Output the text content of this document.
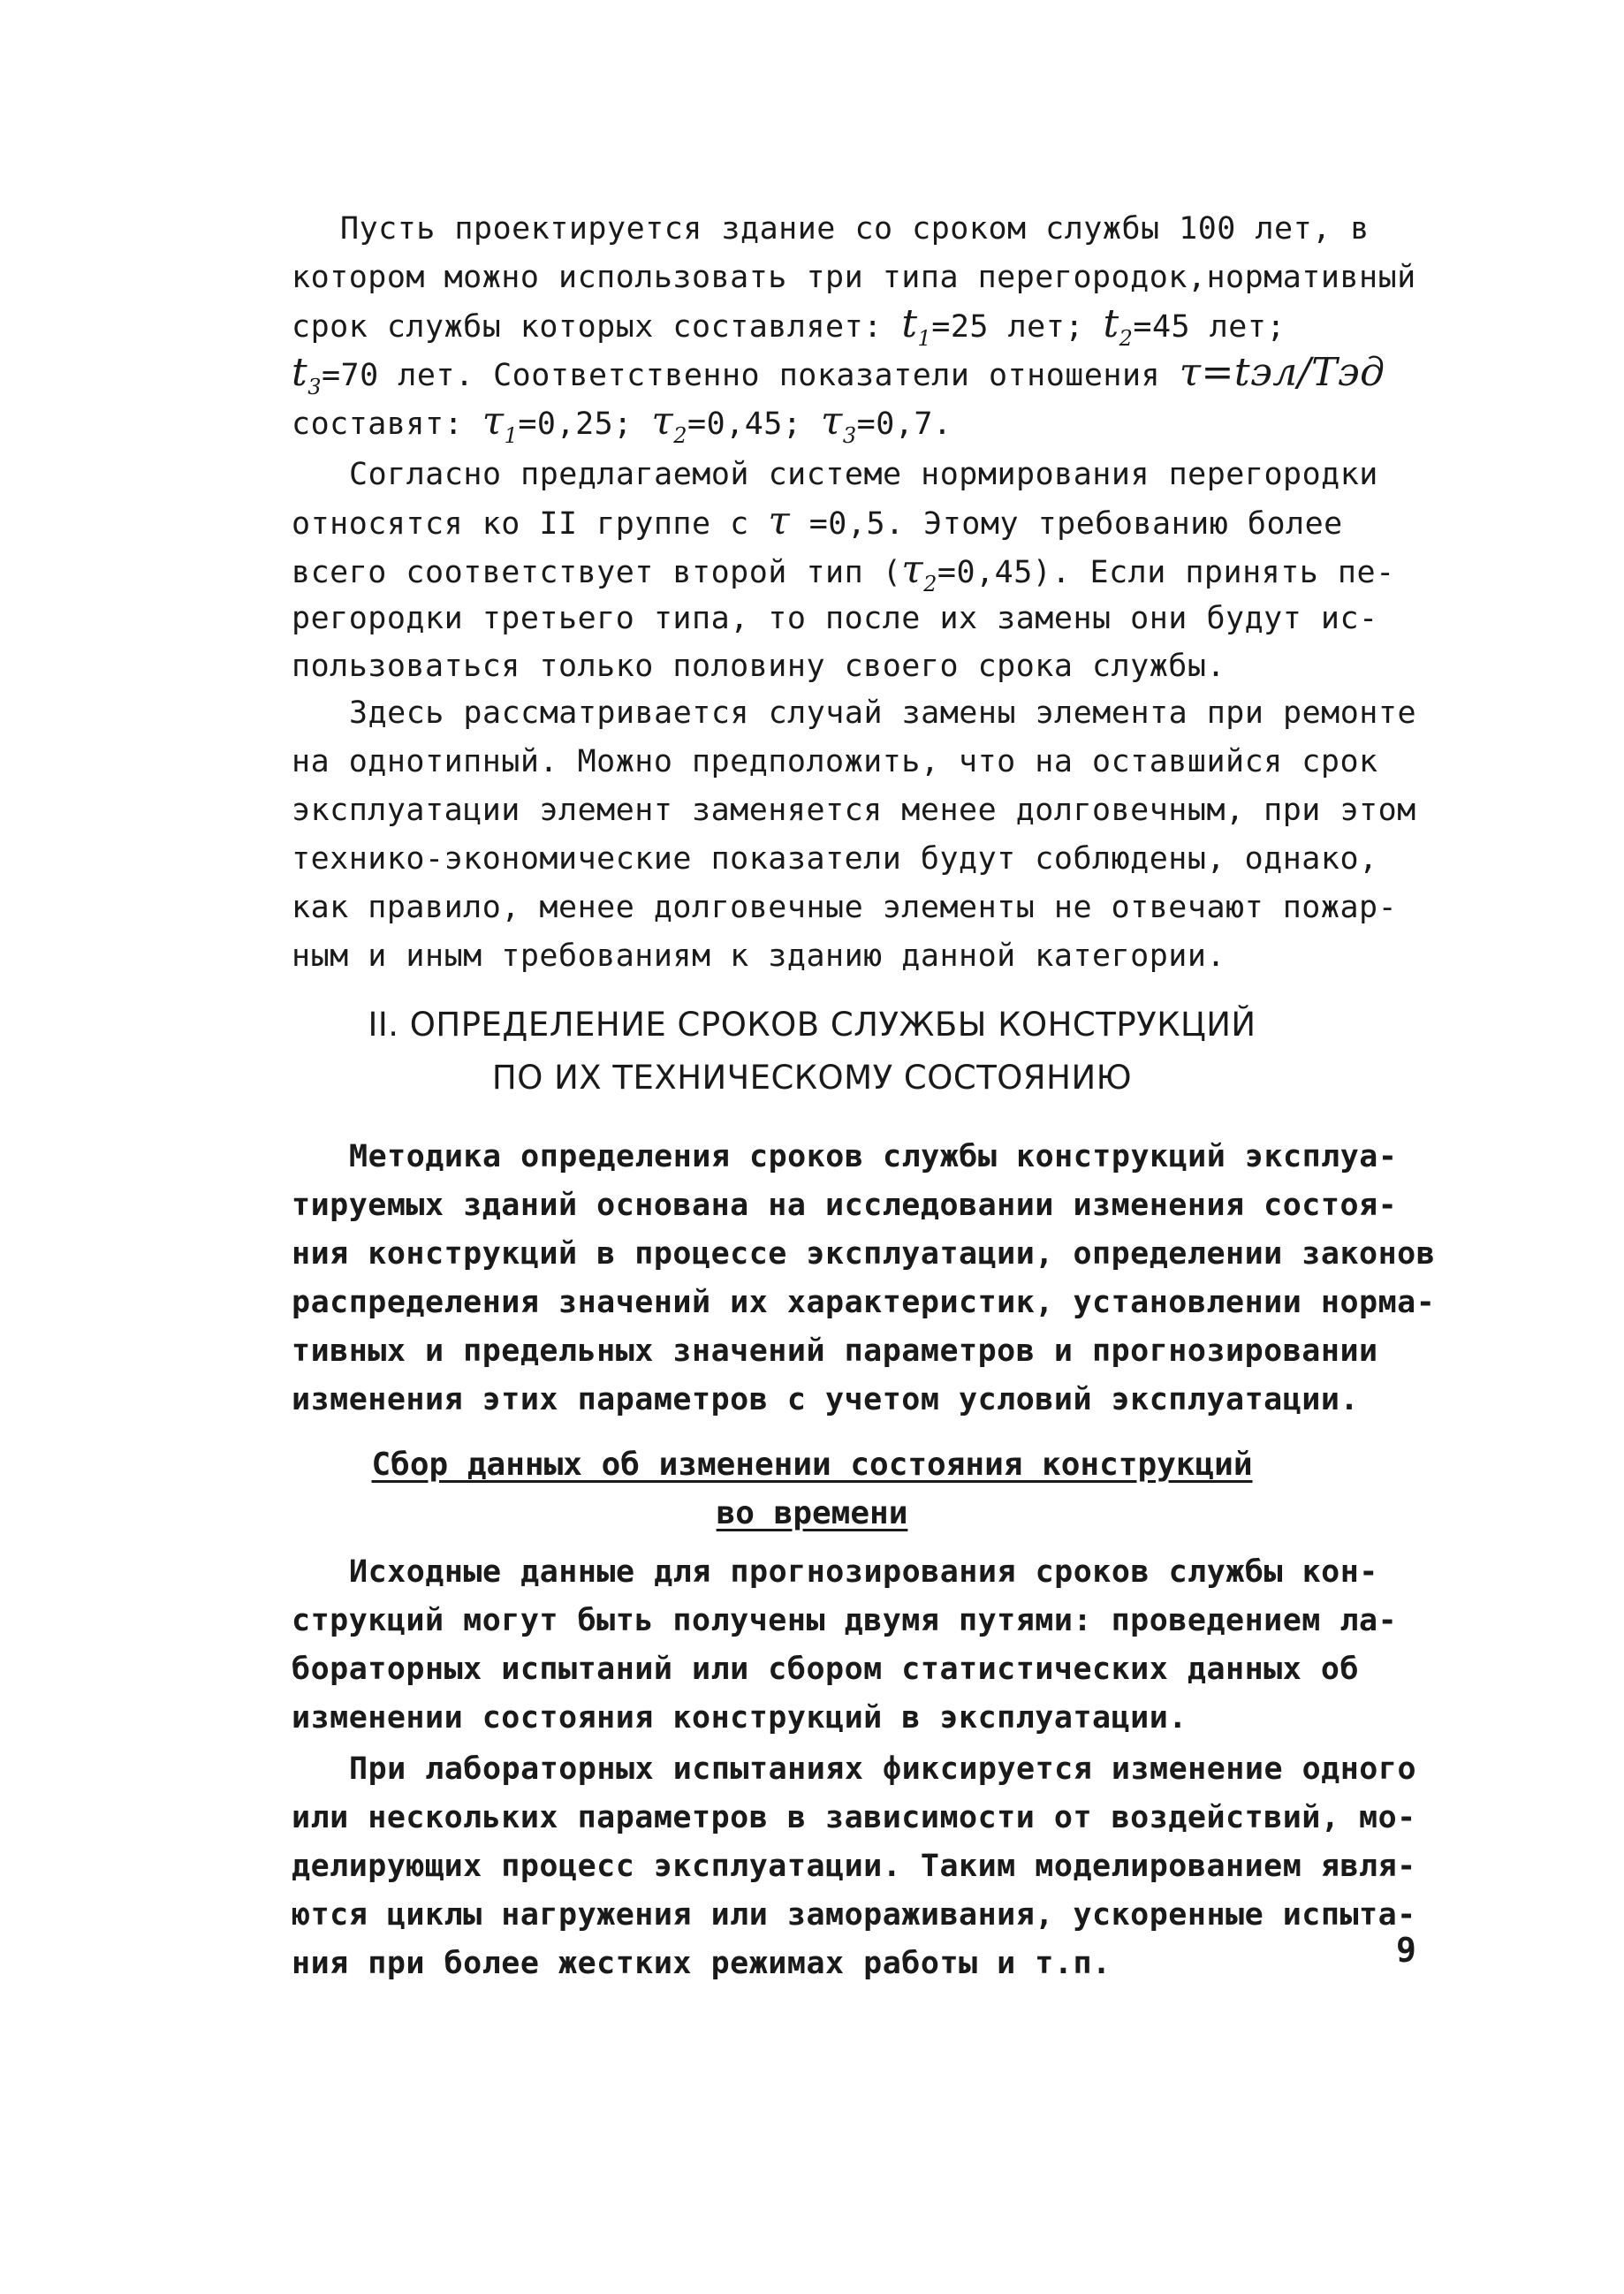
Пусть проектируется здание со сроком службы 100 лет, в

котором можно использовать три типа перегородок,нормативный

срок службы которых составляет: $t_1=25$ лет; $t_2=45$ лет;

$t_3=70$ лет. Соответственно показатели отношения τ=tэл/Tэд

составят: $\tau_1=0,25$; $\tau_2=0,45$; $\tau_3=0,7$.

Согласно предлагаемой системе нормирования перегородки

относятся ко II группе с τ =0,5. Этому требованию более

всего соответствует второй тип $(\tau_2=0,45)$. Если принять пе-

регородки третьего типа, то после их замены они будут ис-

пользоваться только половину своего срока службы.

Здесь рассматривается случай замены элемента при ремонте

на однотипный. Можно предположить, что на оставшийся срок

эксплуатации элемент заменяется менее долговечным, при этом

технико-экономические показатели будут соблюдены, однако,

как правило, менее долговечные элементы не отвечают пожар-

ным и иным требованиям к зданию данной категории.

II. ОПРЕДЕЛЕНИЕ СРОКОВ СЛУЖБЫ КОНСТРУКЦИЙ

ПО ИХ ТЕХНИЧЕСКОМУ СОСТОЯНИЮ

Методика определения сроков службы конструкций эксплуа-

тируемых зданий основана на исследовании изменения состоя-

ния конструкций в процессе эксплуатации, определении законов

распределения значений их характеристик, установлении норма-

тивных и предельных значений параметров и прогнозировании

изменения этих параметров с учетом условий эксплуатации.

Сбор данных об изменении состояния конструкций

во времени

Исходные данные для прогнозирования сроков службы кон-

струкций могут быть получены двумя путями: проведением ла-

бораторных испытаний или сбором статистических данных об

изменении состояния конструкций в эксплуатации.

При лабораторных испытаниях фиксируется изменение одного

или нескольких параметров в зависимости от воздействий, мо-

делирующих процесс эксплуатации. Таким моделированием явля-

ются циклы нагружения или замораживания, ускоренные испыта-

ния при более жестких режимах работы и т.п.	9
